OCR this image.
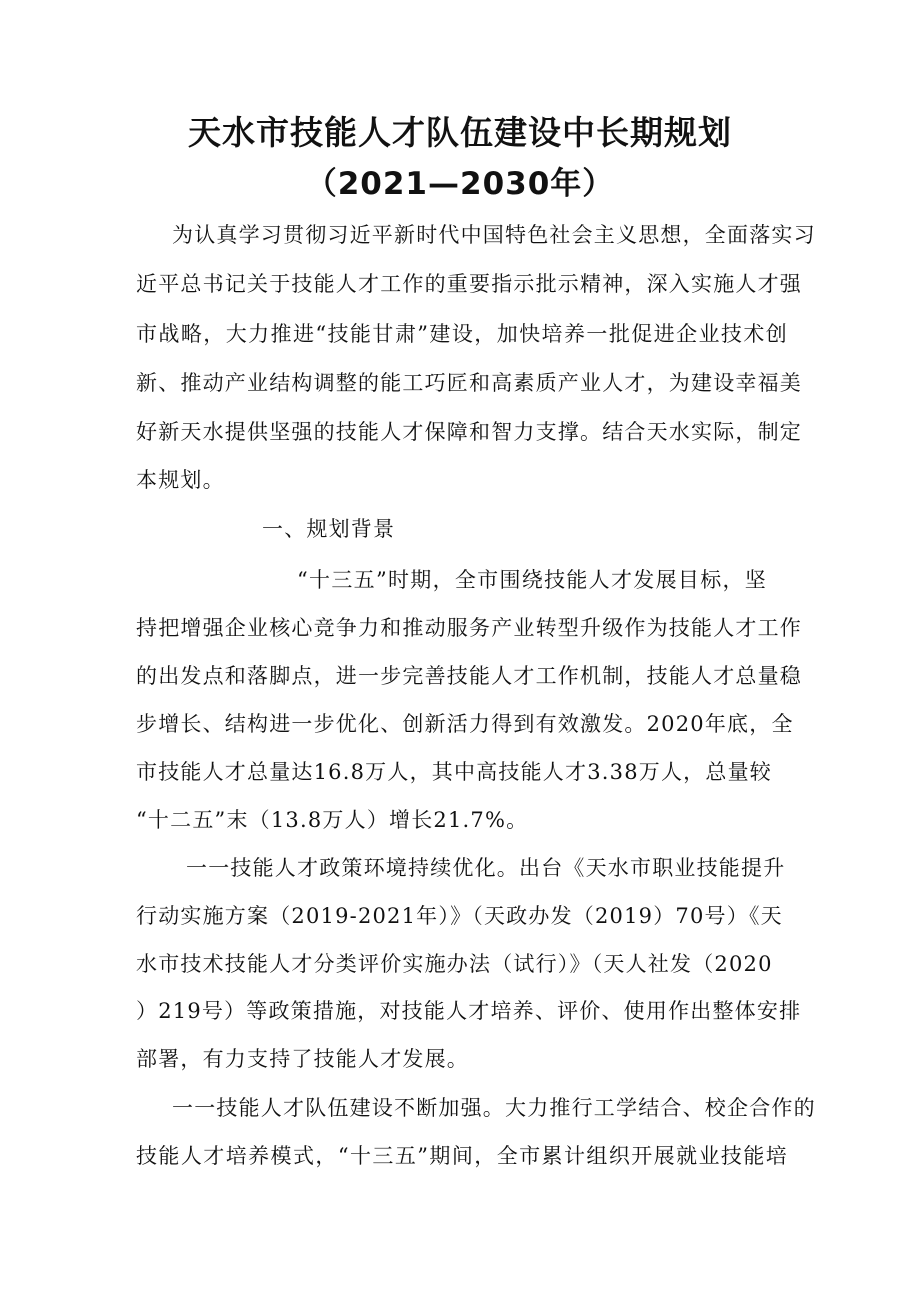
天水市技能人才队伍建设中长期规划
（2021—2030年）
为认真学习贯彻习近平新时代中国特色社会主义思想，全面落实习
近平总书记关于技能人才工作的重要指示批示精神，深入实施人才强
市战略，大力推进“技能甘肃”建设，加快培养一批促进企业技术创
新、推动产业结构调整的能工巧匠和高素质产业人才，为建设幸福美
好新天水提供坚强的技能人才保障和智力支撑。结合天水实际，制定
本规划。
一、规划背景
“十三五”时期，全市围绕技能人才发展目标，坚
持把增强企业核心竞争力和推动服务产业转型升级作为技能人才工作
的出发点和落脚点，进一步完善技能人才工作机制，技能人才总量稳
步增长、结构进一步优化、创新活力得到有效激发。2020年底，全
市技能人才总量达16.8万人，其中高技能人才3.38万人，总量较
“十二五”末（13.8万人）增长21.7%。
一一技能人才政策环境持续优化。出台《天水市职业技能提升
行动实施方案（2019-2021年）》（天政办发（2019）70号）《天
水市技术技能人才分类评价实施办法（试行）》（天人社发（2020
）219号）等政策措施，对技能人才培养、评价、使用作出整体安排
部署，有力支持了技能人才发展。
一一技能人才队伍建设不断加强。大力推行工学结合、校企合作的
技能人才培养模式，“十三五”期间，全市累计组织开展就业技能培
